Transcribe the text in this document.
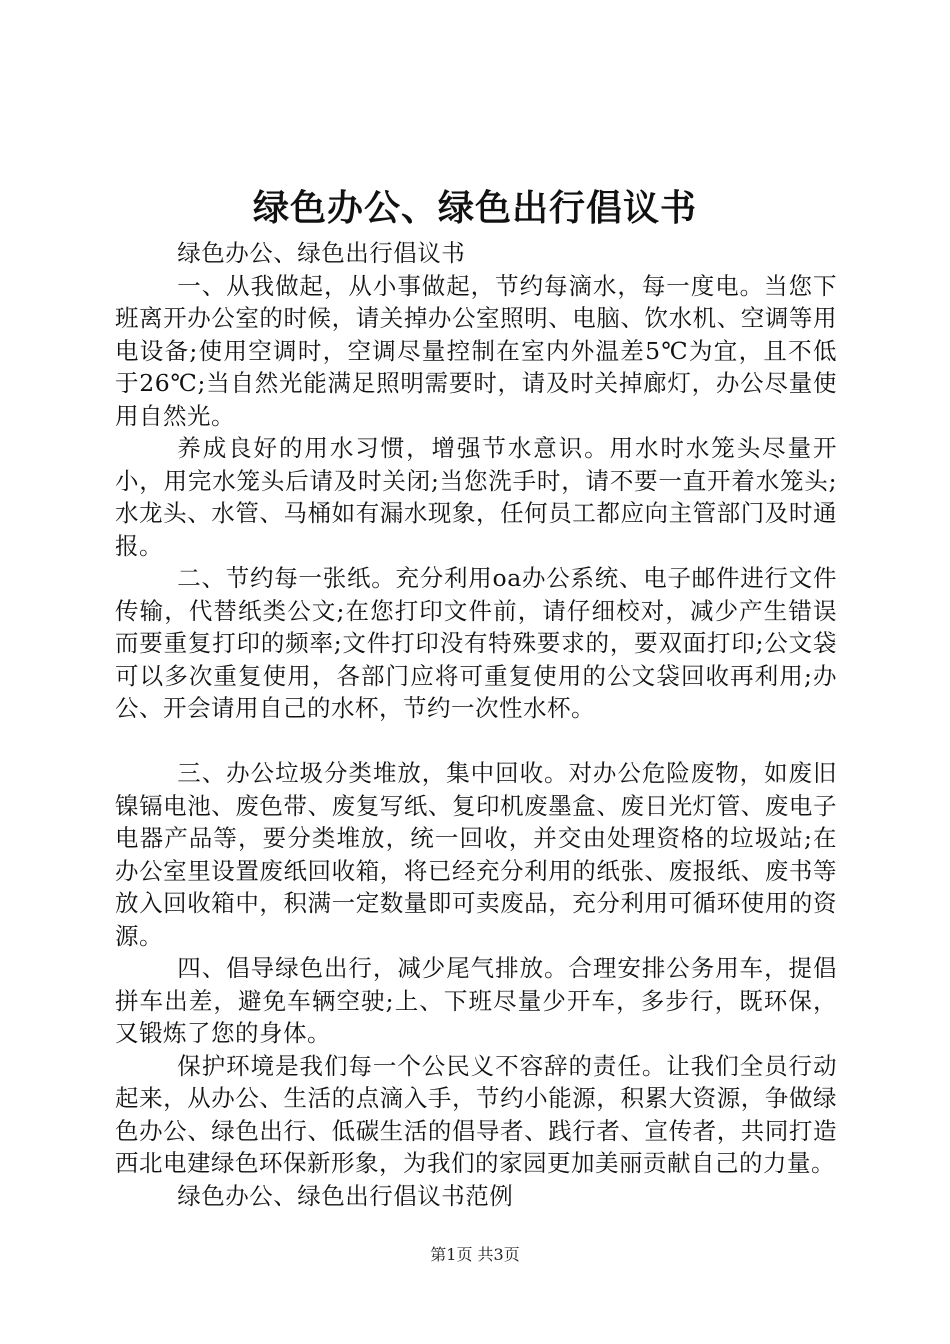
绿色办公、绿色出行倡议书

绿色办公、绿色出行倡议书

一、从我做起，从小事做起，节约每滴水，每一度电。当您下班离开办公室的时候，请关掉办公室照明、电脑、饮水机、空调等用电设备;使用空调时，空调尽量控制在室内外温差5℃为宜，且不低于26℃;当自然光能满足照明需要时，请及时关掉廊灯，办公尽量使用自然光。

养成良好的用水习惯，增强节水意识。用水时水笼头尽量开小，用完水笼头后请及时关闭;当您洗手时，请不要一直开着水笼头;水龙头、水管、马桶如有漏水现象，任何员工都应向主管部门及时通报。

二、节约每一张纸。充分利用oa办公系统、电子邮件进行文件传输，代替纸类公文;在您打印文件前，请仔细校对，减少产生错误而要重复打印的频率;文件打印没有特殊要求的，要双面打印;公文袋可以多次重复使用，各部门应将可重复使用的公文袋回收再利用;办公、开会请用自己的水杯，节约一次性水杯。

三、办公垃圾分类堆放，集中回收。对办公危险废物，如废旧镍镉电池、废色带、废复写纸、复印机废墨盒、废日光灯管、废电子电器产品等，要分类堆放，统一回收，并交由处理资格的垃圾站;在办公室里设置废纸回收箱，将已经充分利用的纸张、废报纸、废书等放入回收箱中，积满一定数量即可卖废品，充分利用可循环使用的资源。

四、倡导绿色出行，减少尾气排放。合理安排公务用车，提倡拼车出差，避免车辆空驶;上、下班尽量少开车，多步行，既环保，又锻炼了您的身体。

保护环境是我们每一个公民义不容辞的责任。让我们全员行动起来，从办公、生活的点滴入手，节约小能源，积累大资源，争做绿色办公、绿色出行、低碳生活的倡导者、践行者、宣传者，共同打造西北电建绿色环保新形象，为我们的家园更加美丽贡献自己的力量。

绿色办公、绿色出行倡议书范例

第1页 共3页
